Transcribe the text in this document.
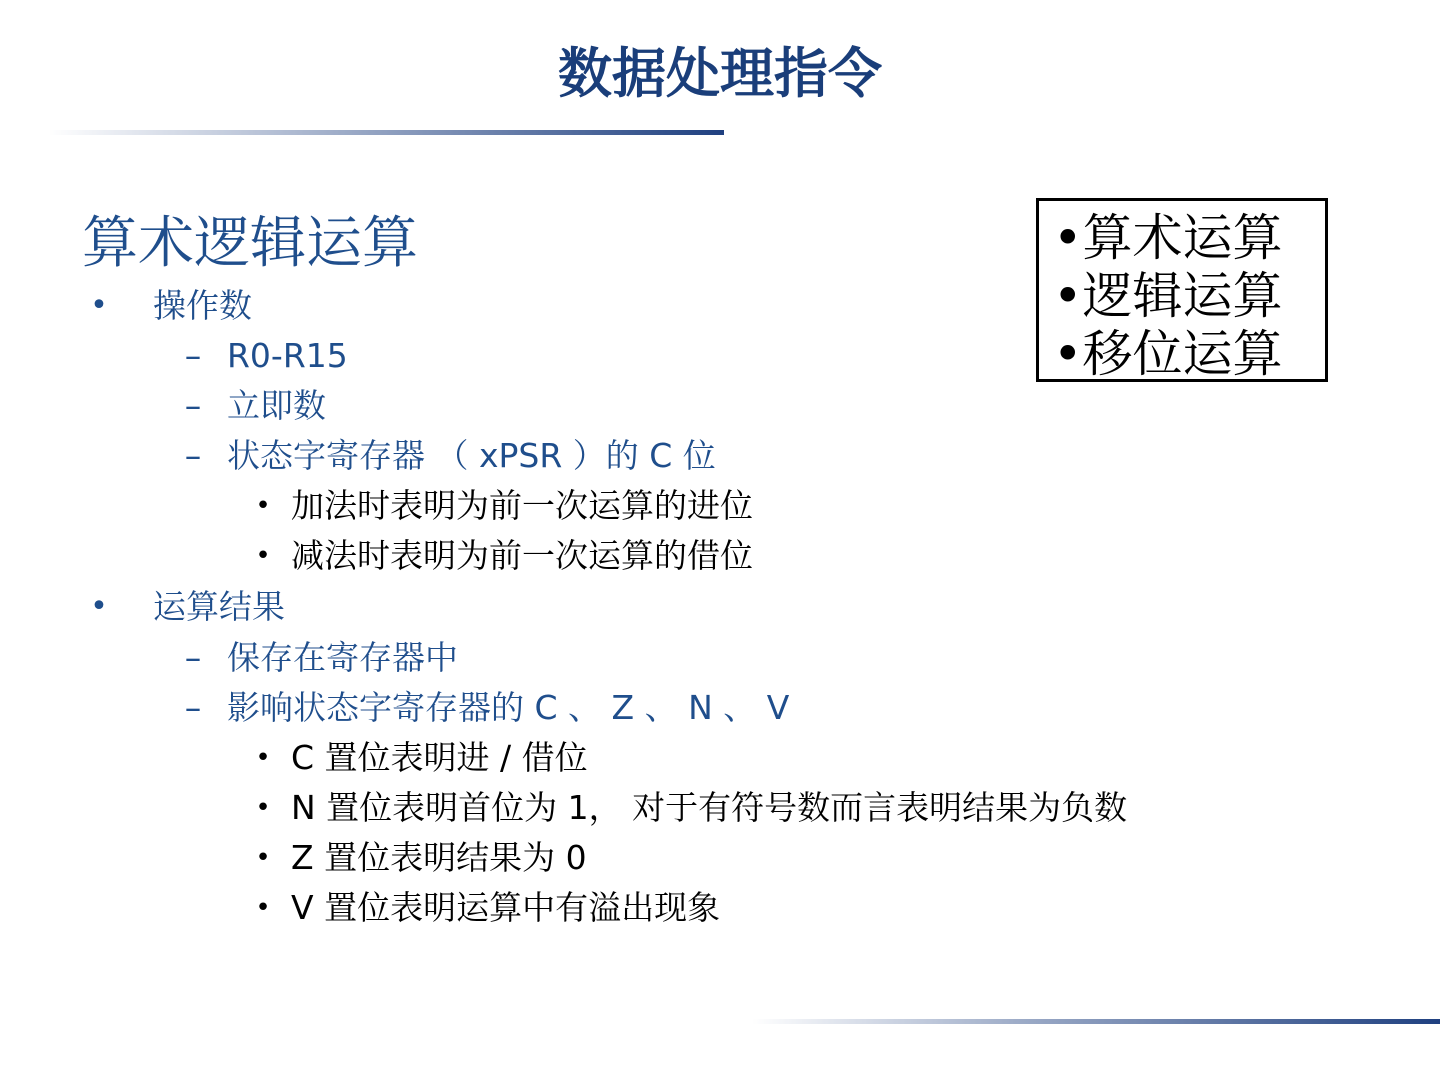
数据处理指令
算术逻辑运算
• 操作数
– R0-R15
– 立即数
– 状态字寄存器 （ xPSR ）的 C 位
• 加法时表明为前一次运算的进位
• 减法时表明为前一次运算的借位
• 运算结果
– 保存在寄存器中
– 影响状态字寄存器的 C 、 Z 、 N 、 V
• C 置位表明进 / 借位
• N 置位表明首位为 1， 对于有符号数而言表明结果为负数
• Z 置位表明结果为 0
• V 置位表明运算中有溢出现象
•算术运算
•逻辑运算
•移位运算
